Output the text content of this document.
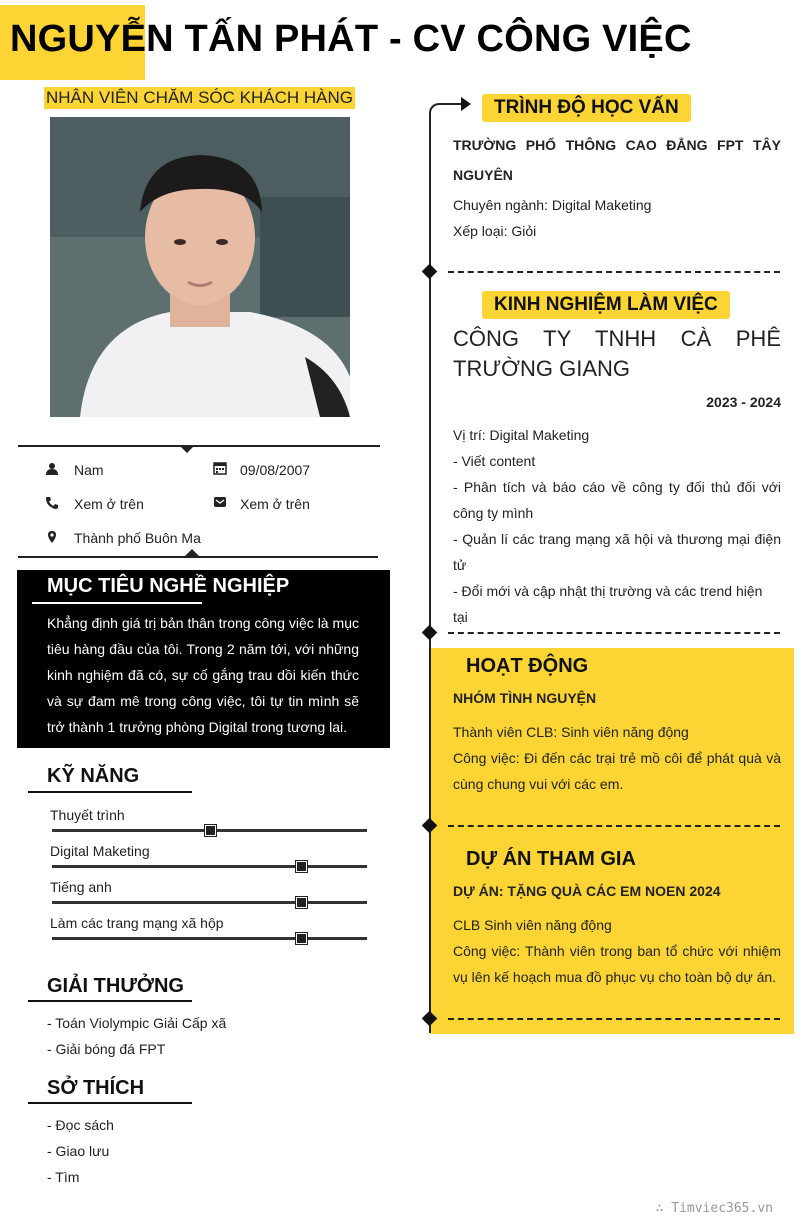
NGUYỄN TẤN PHÁT - CV CÔNG VIỆC
NHÂN VIÊN CHĂM SÓC KHÁCH HÀNG
Nam	09/08/2007
Xem ở trên	Xem ở trên
Thành phố Buôn Ma
MỤC TIÊU NGHỀ NGHIỆP
Khẳng định giá trị bản thân trong công việc là mục tiêu hàng đầu của tôi. Trong 2 năm tới, với những kinh nghiệm đã có, sự cố gắng trau dồi kiến thức và sự đam mê trong công việc, tôi tự tin mình sẽ trở thành 1 trưởng phòng Digital trong tương lai.
KỸ NĂNG
Thuyết trình
Digital Maketing
Tiếng anh
Làm các trang mạng xã hộp
GIẢI THƯỞNG
- Toán Violympic Giải Cấp xã
- Giải bóng đá FPT
SỞ THÍCH
- Đọc sách
- Giao lưu
- Tìm
TRÌNH ĐỘ HỌC VẤN
TRƯỜNG PHỔ THÔNG CAO ĐẲNG FPT TÂY NGUYÊN
Chuyên ngành: Digital Maketing
Xếp loại: Giỏi
KINH NGHIỆM LÀM VIỆC
CÔNG TY TNHH CÀ PHÊ TRƯỜNG GIANG
2023 - 2024
Vị trí: Digital Maketing
- Viết content
- Phân tích và báo cáo về công ty đối thủ đối với công ty mình
- Quản lí các trang mạng xã hội và thương mại điện tử
- Đổi mới và cập nhật thị trường và các trend hiện tại
HOẠT ĐỘNG
NHÓM TÌNH NGUYỆN
Thành viên CLB: Sinh viên năng động
Công việc: Đi đến các trại trẻ mồ côi để phát quà và cùng chung vui với các em.
DỰ ÁN THAM GIA
DỰ ÁN: TẶNG QUÀ CÁC EM NOEN 2024
CLB Sinh viên năng động
Công việc: Thành viên trong ban tổ chức với nhiệm vụ lên kế hoạch mua đồ phục vụ cho toàn bộ dự án.
∴ Timviec365.vn
